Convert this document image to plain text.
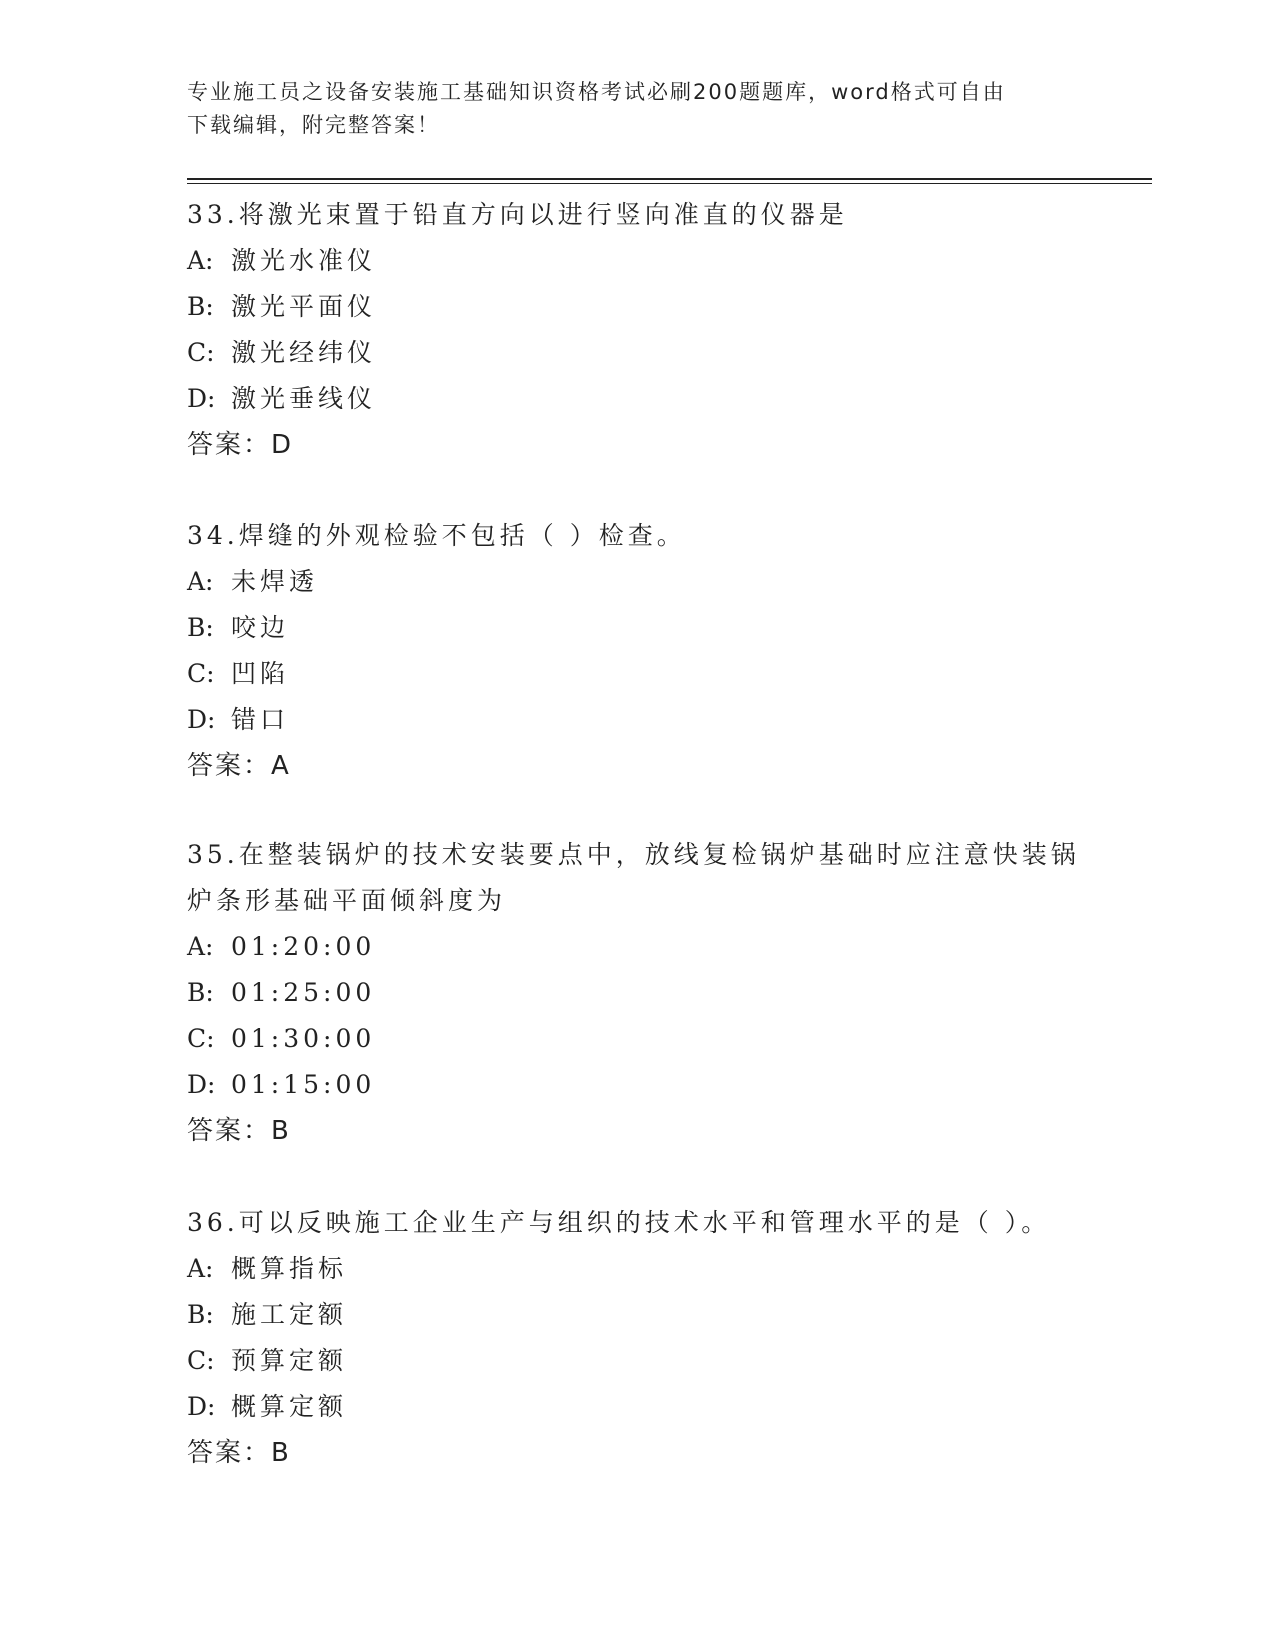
专业施工员之设备安装施工基础知识资格考试必刷200题题库，word格式可自由
下载编辑，附完整答案！
33.将激光束置于铅直方向以进行竖向准直的仪器是
A: 激光水准仪
B: 激光平面仪
C: 激光经纬仪
D: 激光垂线仪
答案：D
34.焊缝的外观检验不包括（ ）检查。
A: 未焊透
B: 咬边
C: 凹陷
D: 错口
答案：A
35.在整装锅炉的技术安装要点中，放线复检锅炉基础时应注意快装锅
炉条形基础平面倾斜度为
A: 01:20:00
B: 01:25:00
C: 01:30:00
D: 01:15:00
答案：B
36.可以反映施工企业生产与组织的技术水平和管理水平的是（ ）。
A: 概算指标
B: 施工定额
C: 预算定额
D: 概算定额
答案：B
